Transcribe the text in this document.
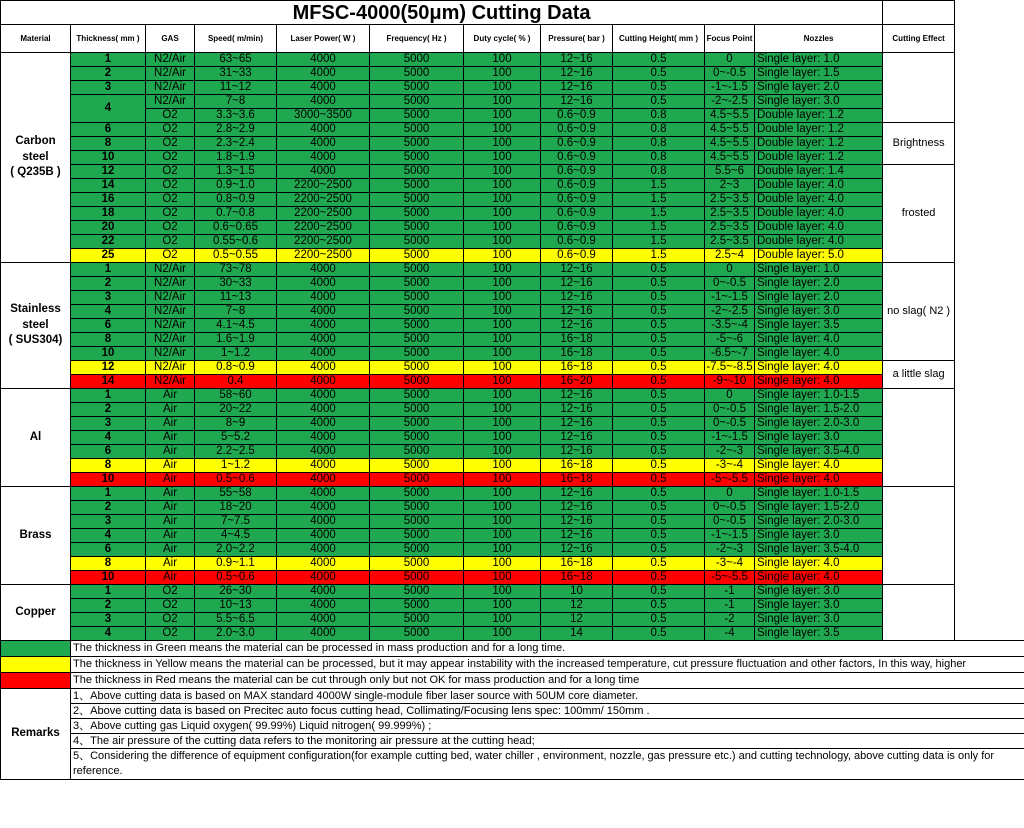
MFSC-4000(50μm) Cutting Data												
Material	Thickness( mm )	GAS	Speed( m/min)	Laser Power( W )	Frequency( Hz )	Duty cycle( % )	Pressure( bar )	Cutting Height( mm )	Focus Point	Nozzles	Cutting Effect	
Carbon steel
( Q235B )	1	N2/Air	63~65	4000	5000	100	12~16	0.5	0	Single layer: 1.0		
	2	N2/Air	31~33	4000	5000	100	12~16	0.5	0~-0.5	Single layer: 1.5		
	3	N2/Air	11~12	4000	5000	100	12~16	0.5	-1~-1.5	Single layer: 2.0		
	4	N2/Air	7~8	4000	5000	100	12~16	0.5	-2~-2.5	Single layer: 3.0		
		O2	3.3~3.6	3000~3500	5000	100	0.6~0.9	0.8	4.5~5.5	Double layer: 1.2		
	6	O2	2.8~2.9	4000	5000	100	0.6~0.9	0.8	4.5~5.5	Double layer: 1.2	Brightness	
	8	O2	2.3~2.4	4000	5000	100	0.6~0.9	0.8	4.5~5.5	Double layer: 1.2		
	10	O2	1.8~1.9	4000	5000	100	0.6~0.9	0.8	4.5~5.5	Double layer: 1.2		
	12	O2	1.3~1.5	4000	5000	100	0.6~0.9	0.8	5.5~6	Double layer: 1.4	frosted	
	14	O2	0.9~1.0	2200~2500	5000	100	0.6~0.9	1.5	2~3	Double layer: 4.0		
	16	O2	0.8~0.9	2200~2500	5000	100	0.6~0.9	1.5	2.5~3.5	Double layer: 4.0		
	18	O2	0.7~0.8	2200~2500	5000	100	0.6~0.9	1.5	2.5~3.5	Double layer: 4.0		
	20	O2	0.6~0.65	2200~2500	5000	100	0.6~0.9	1.5	2.5~3.5	Double layer: 4.0		
	22	O2	0.55~0.6	2200~2500	5000	100	0.6~0.9	1.5	2.5~3.5	Double layer: 4.0		
	25	O2	0.5~0.55	2200~2500	5000	100	0.6~0.9	1.5	2.5~4	Double layer: 5.0		
Stainless
steel
( SUS304)	1	N2/Air	73~78	4000	5000	100	12~16	0.5	0	Single layer: 1.0	no slag( N2 )	
	2	N2/Air	30~33	4000	5000	100	12~16	0.5	0~-0.5	Single layer: 2.0		
	3	N2/Air	11~13	4000	5000	100	12~16	0.5	-1~-1.5	Single layer: 2.0		
	4	N2/Air	7~8	4000	5000	100	12~16	0.5	-2~-2.5	Single layer: 3.0		
	6	N2/Air	4.1~4.5	4000	5000	100	12~16	0.5	-3.5~-4	Single layer: 3.5		
	8	N2/Air	1.6~1.9	4000	5000	100	16~18	0.5	-5~-6	Single layer: 4.0		
	10	N2/Air	1~1.2	4000	5000	100	16~18	0.5	-6.5~-7	Single layer: 4.0		
	12	N2/Air	0.8~0.9	4000	5000	100	16~18	0.5	-7.5~-8.5	Single layer: 4.0	a little slag	
	14	N2/Air	0.4	4000	5000	100	16~20	0.5	-9~-10	Single layer: 4.0		
Al	1	Air	58~60	4000	5000	100	12~16	0.5	0	Single layer: 1.0-1.5		
	2	Air	20~22	4000	5000	100	12~16	0.5	0~-0.5	Single layer: 1.5-2.0		
	3	Air	8~9	4000	5000	100	12~16	0.5	0~-0.5	Single layer: 2.0-3.0		
	4	Air	5~5.2	4000	5000	100	12~16	0.5	-1~-1.5	Single layer: 3.0		
	6	Air	2.2~2.5	4000	5000	100	12~16	0.5	-2~-3	Single layer: 3.5-4.0		
	8	Air	1~1.2	4000	5000	100	16~18	0.5	-3~-4	Single layer: 4.0		
	10	Air	0.5~0.6	4000	5000	100	16~18	0.5	-5~-5.5	Single layer: 4.0		
Brass	1	Air	55~58	4000	5000	100	12~16	0.5	0	Single layer: 1.0-1.5		
	2	Air	18~20	4000	5000	100	12~16	0.5	0~-0.5	Single layer: 1.5-2.0		
	3	Air	7~7.5	4000	5000	100	12~16	0.5	0~-0.5	Single layer: 2.0-3.0		
	4	Air	4~4.5	4000	5000	100	12~16	0.5	-1~-1.5	Single layer: 3.0		
	6	Air	2.0~2.2	4000	5000	100	12~16	0.5	-2~-3	Single layer: 3.5-4.0		
	8	Air	0.9~1.1	4000	5000	100	16~18	0.5	-3~-4	Single layer: 4.0		
	10	Air	0.5~0.6	4000	5000	100	16~18	0.5	-5~-5.5	Single layer: 4.0		
Copper	1	O2	26~30	4000	5000	100	10	0.5	-1	Single layer: 3.0		
	2	O2	10~13	4000	5000	100	12	0.5	-1	Single layer: 3.0		
	3	O2	5.5~6.5	4000	5000	100	12	0.5	-2	Single layer: 3.0		
	4	O2	2.0~3.0	4000	5000	100	14	0.5	-4	Single layer: 3.5		
	The thickness in Green means the material can be processed in mass production and for a long time.											
	The thickness in Yellow means the material can be processed, but it may appear instability with the increased temperature, cut pressure fluctuation and other factors, In this way, higher											
	The thickness in Red means the material can be cut through only but not OK for mass production and for a long time											
Remarks	1、Above cutting data is based on MAX standard 4000W single-module fiber laser source with 50UM core diameter.											
	2、Above cutting data is based on Precitec auto focus cutting head, Collimating/Focusing lens spec: 100mm/ 150mm .											
	3、Above cutting gas Liquid oxygen( 99.99%) Liquid nitrogen( 99.999%) ;											
	4、The air pressure of the cutting data refers to the monitoring air pressure at the cutting head;											
	5、Considering the difference of equipment configuration(for example cutting bed, water chiller , environment, nozzle, gas pressure etc.) and cutting technology, above cutting data is only for reference.											
